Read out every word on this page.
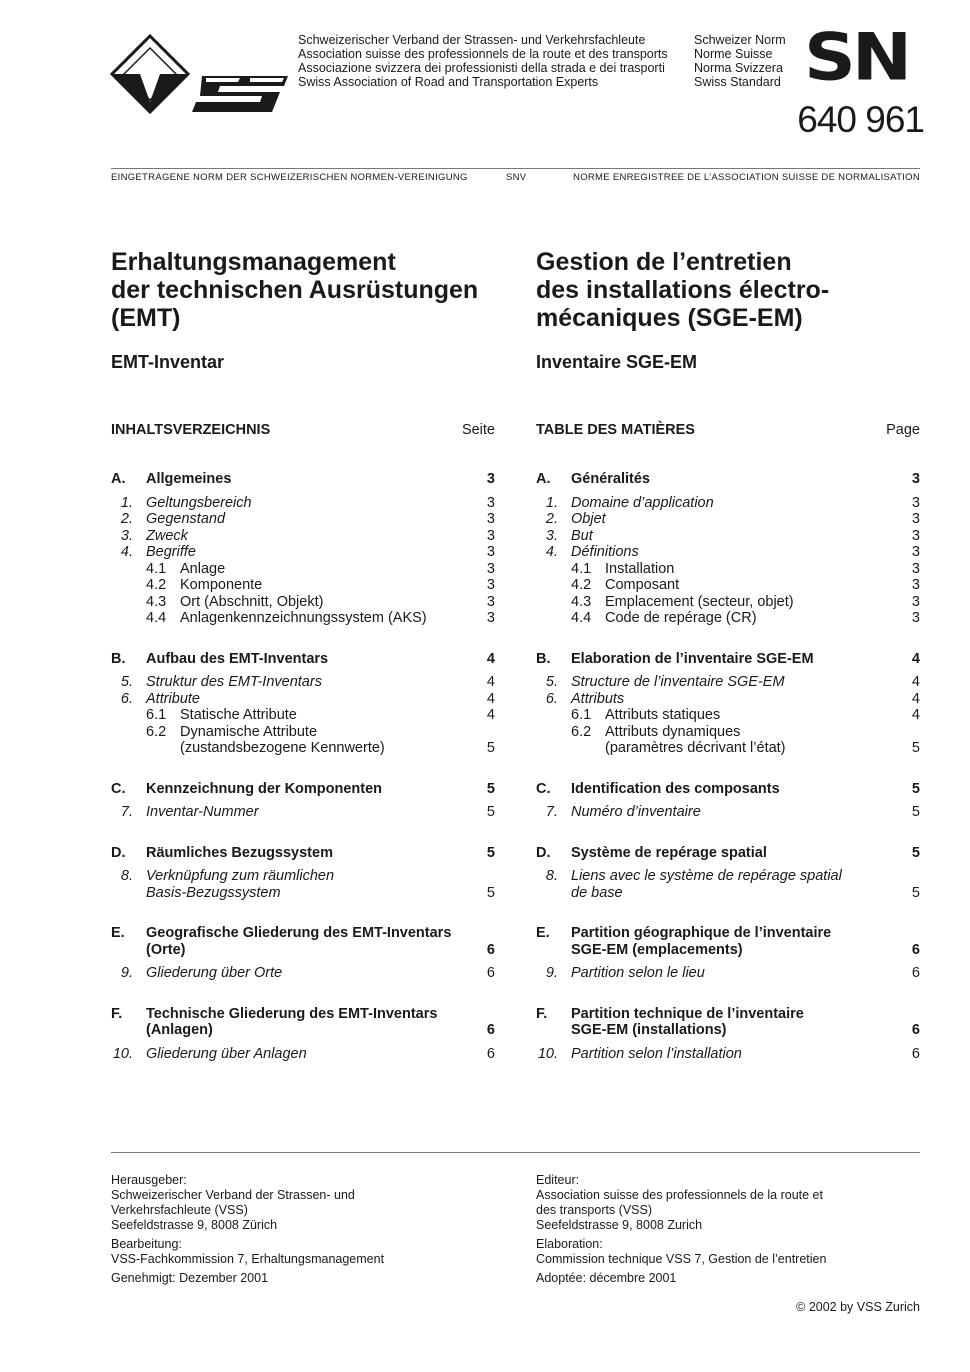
Schweizerischer Verband der Strassen- und Verkehrsfachleute
Association suisse des professionnels de la route et des transports
Associazione svizzera dei professionisti della strada e dei trasporti
Swiss Association of Road and Transportation Experts
Schweizer Norm
Norme Suisse
Norma Svizzera
Swiss Standard SN
640 961
EINGETRAGENE NORM DER SCHWEIZERISCHEN NORMEN-VEREINIGUNG	SNV	NORME ENREGISTREE DE L’ASSOCIATION SUISSE DE NORMALISATION
Erhaltungsmanagement
der technischen Ausrüstungen
(EMT)
Gestion de l’entretien
des installations électro-
mécaniques (SGE-EM)
EMT-Inventar	Inventaire SGE-EM
INHALTSVERZEICHNIS	Seite
A.	Allgemeines	3
1. Geltungsbereich	3
2. Gegenstand	3
3. Zweck	3
4. Begriffe	3
4.1 Anlage	3
4.2 Komponente	3
4.3 Ort (Abschnitt, Objekt)	3
4.4 Anlagenkennzeichnungssystem (AKS)	3
B.	Aufbau des EMT-Inventars	4
5. Struktur des EMT-Inventars	4
6. Attribute	4
6.1 Statische Attribute	4
6.2 Dynamische Attribute
(zustandsbezogene Kennwerte)	5
C.	Kennzeichnung der Komponenten	5
7. Inventar-Nummer	5
D.	Räumliches Bezugssystem	5
8. Verknüpfung zum räumlichen
Basis-Bezugssystem	5
E.	Geografische Gliederung des EMT-Inventars
(Orte)	6
9. Gliederung über Orte	6
F.	Technische Gliederung des EMT-Inventars
(Anlagen)	6
10. Gliederung über Anlagen	6
TABLE DES MATIÈRES	Page
A.	Généralités	3
1. Domaine d’application	3
2. Objet	3
3. But	3
4. Définitions	3
4.1 Installation	3
4.2 Composant	3
4.3 Emplacement (secteur, objet)	3
4.4 Code de repérage (CR)	3
B.	Elaboration de l’inventaire SGE-EM	4
5. Structure de l’inventaire SGE-EM	4
6. Attributs	4
6.1 Attributs statiques	4
6.2 Attributs dynamiques
(paramètres décrivant l’état)	5
C.	Identification des composants	5
7. Numéro d’inventaire	5
D.	Système de repérage spatial	5
8. Liens avec le système de repérage spatial
de base	5
E.	Partition géographique de l’inventaire
SGE-EM (emplacements)	6
9. Partition selon le lieu	6
F.	Partition technique de l’inventaire
SGE-EM (installations)	6
10. Partition selon l’installation	6
Herausgeber:
Schweizerischer Verband der Strassen- und
Verkehrsfachleute (VSS)
Seefeldstrasse 9, 8008 Zürich
Bearbeitung:
VSS-Fachkommission 7, Erhaltungsmanagement
Genehmigt: Dezember 2001
Editeur:
Association suisse des professionnels de la route et
des transports (VSS)
Seefeldstrasse 9, 8008 Zurich
Elaboration:
Commission technique VSS 7, Gestion de l’entretien
Adoptée: décembre 2001
© 2002 by VSS Zurich
